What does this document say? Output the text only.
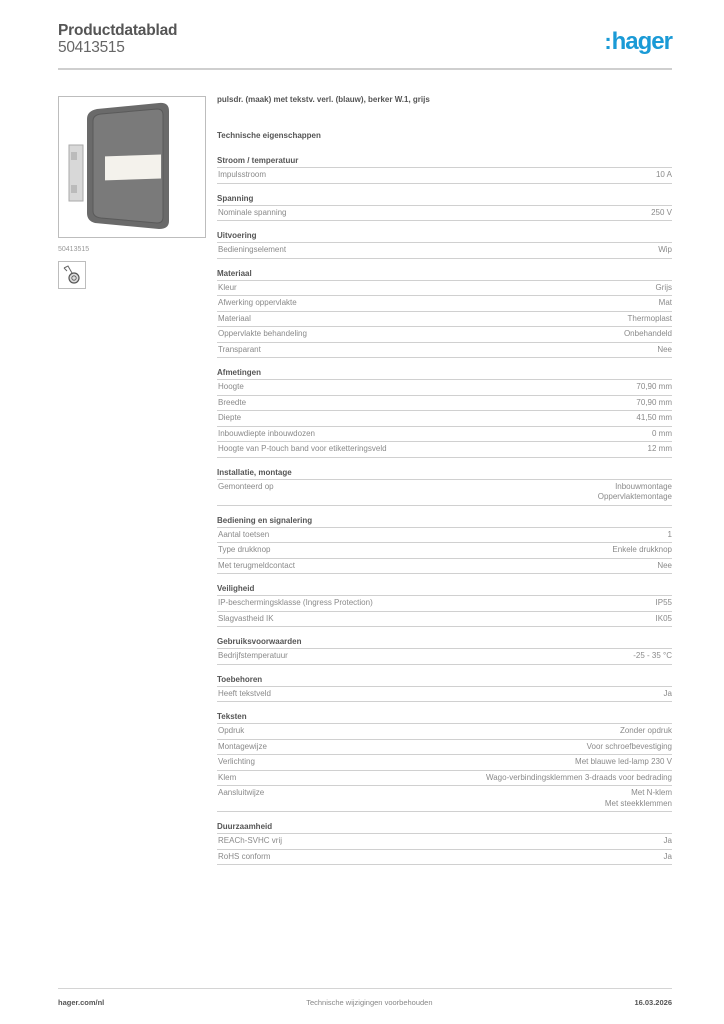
Productdatablad
50413515	:hager
50413515
pulsdr. (maak) met tekstv. verl. (blauw), berker W.1, grijs
Technische eigenschappen
Stroom / temperatuur
Impulsstroom	10 A
Spanning
Nominale spanning	250 V
Uitvoering
Bedieningselement	Wip
Materiaal
Kleur	Grijs
Afwerking oppervlakte	Mat
Materiaal	Thermoplast
Oppervlakte behandeling	Onbehandeld
Transparant	Nee
Afmetingen
Hoogte	70,90 mm
Breedte	70,90 mm
Diepte	41,50 mm
Inbouwdiepte inbouwdozen	0 mm
Hoogte van P-touch band voor etiketteringsveld	12 mm
Installatie, montage
Gemonteerd op	Inbouwmontage
Oppervlaktemontage
Bediening en signalering
Aantal toetsen	1
Type drukknop	Enkele drukknop
Met terugmeldcontact	Nee
Veiligheid
IP-beschermingsklasse (Ingress Protection)	IP55
Slagvastheid IK	IK05
Gebruiksvoorwaarden
Bedrijfstemperatuur	-25 - 35 °C
Toebehoren
Heeft tekstveld	Ja
Teksten
Opdruk	Zonder opdruk
Montagewijze	Voor schroefbevestiging
Verlichting	Met blauwe led-lamp 230 V
Klem	Wago-verbindingsklemmen 3-draads voor bedrading
Aansluitwijze	Met N-klem
Met steekklemmen
Duurzaamheid
REACh-SVHC vrij	Ja
RoHS conform	Ja
hager.com/nl	Technische wijzigingen voorbehouden	16.03.2026
